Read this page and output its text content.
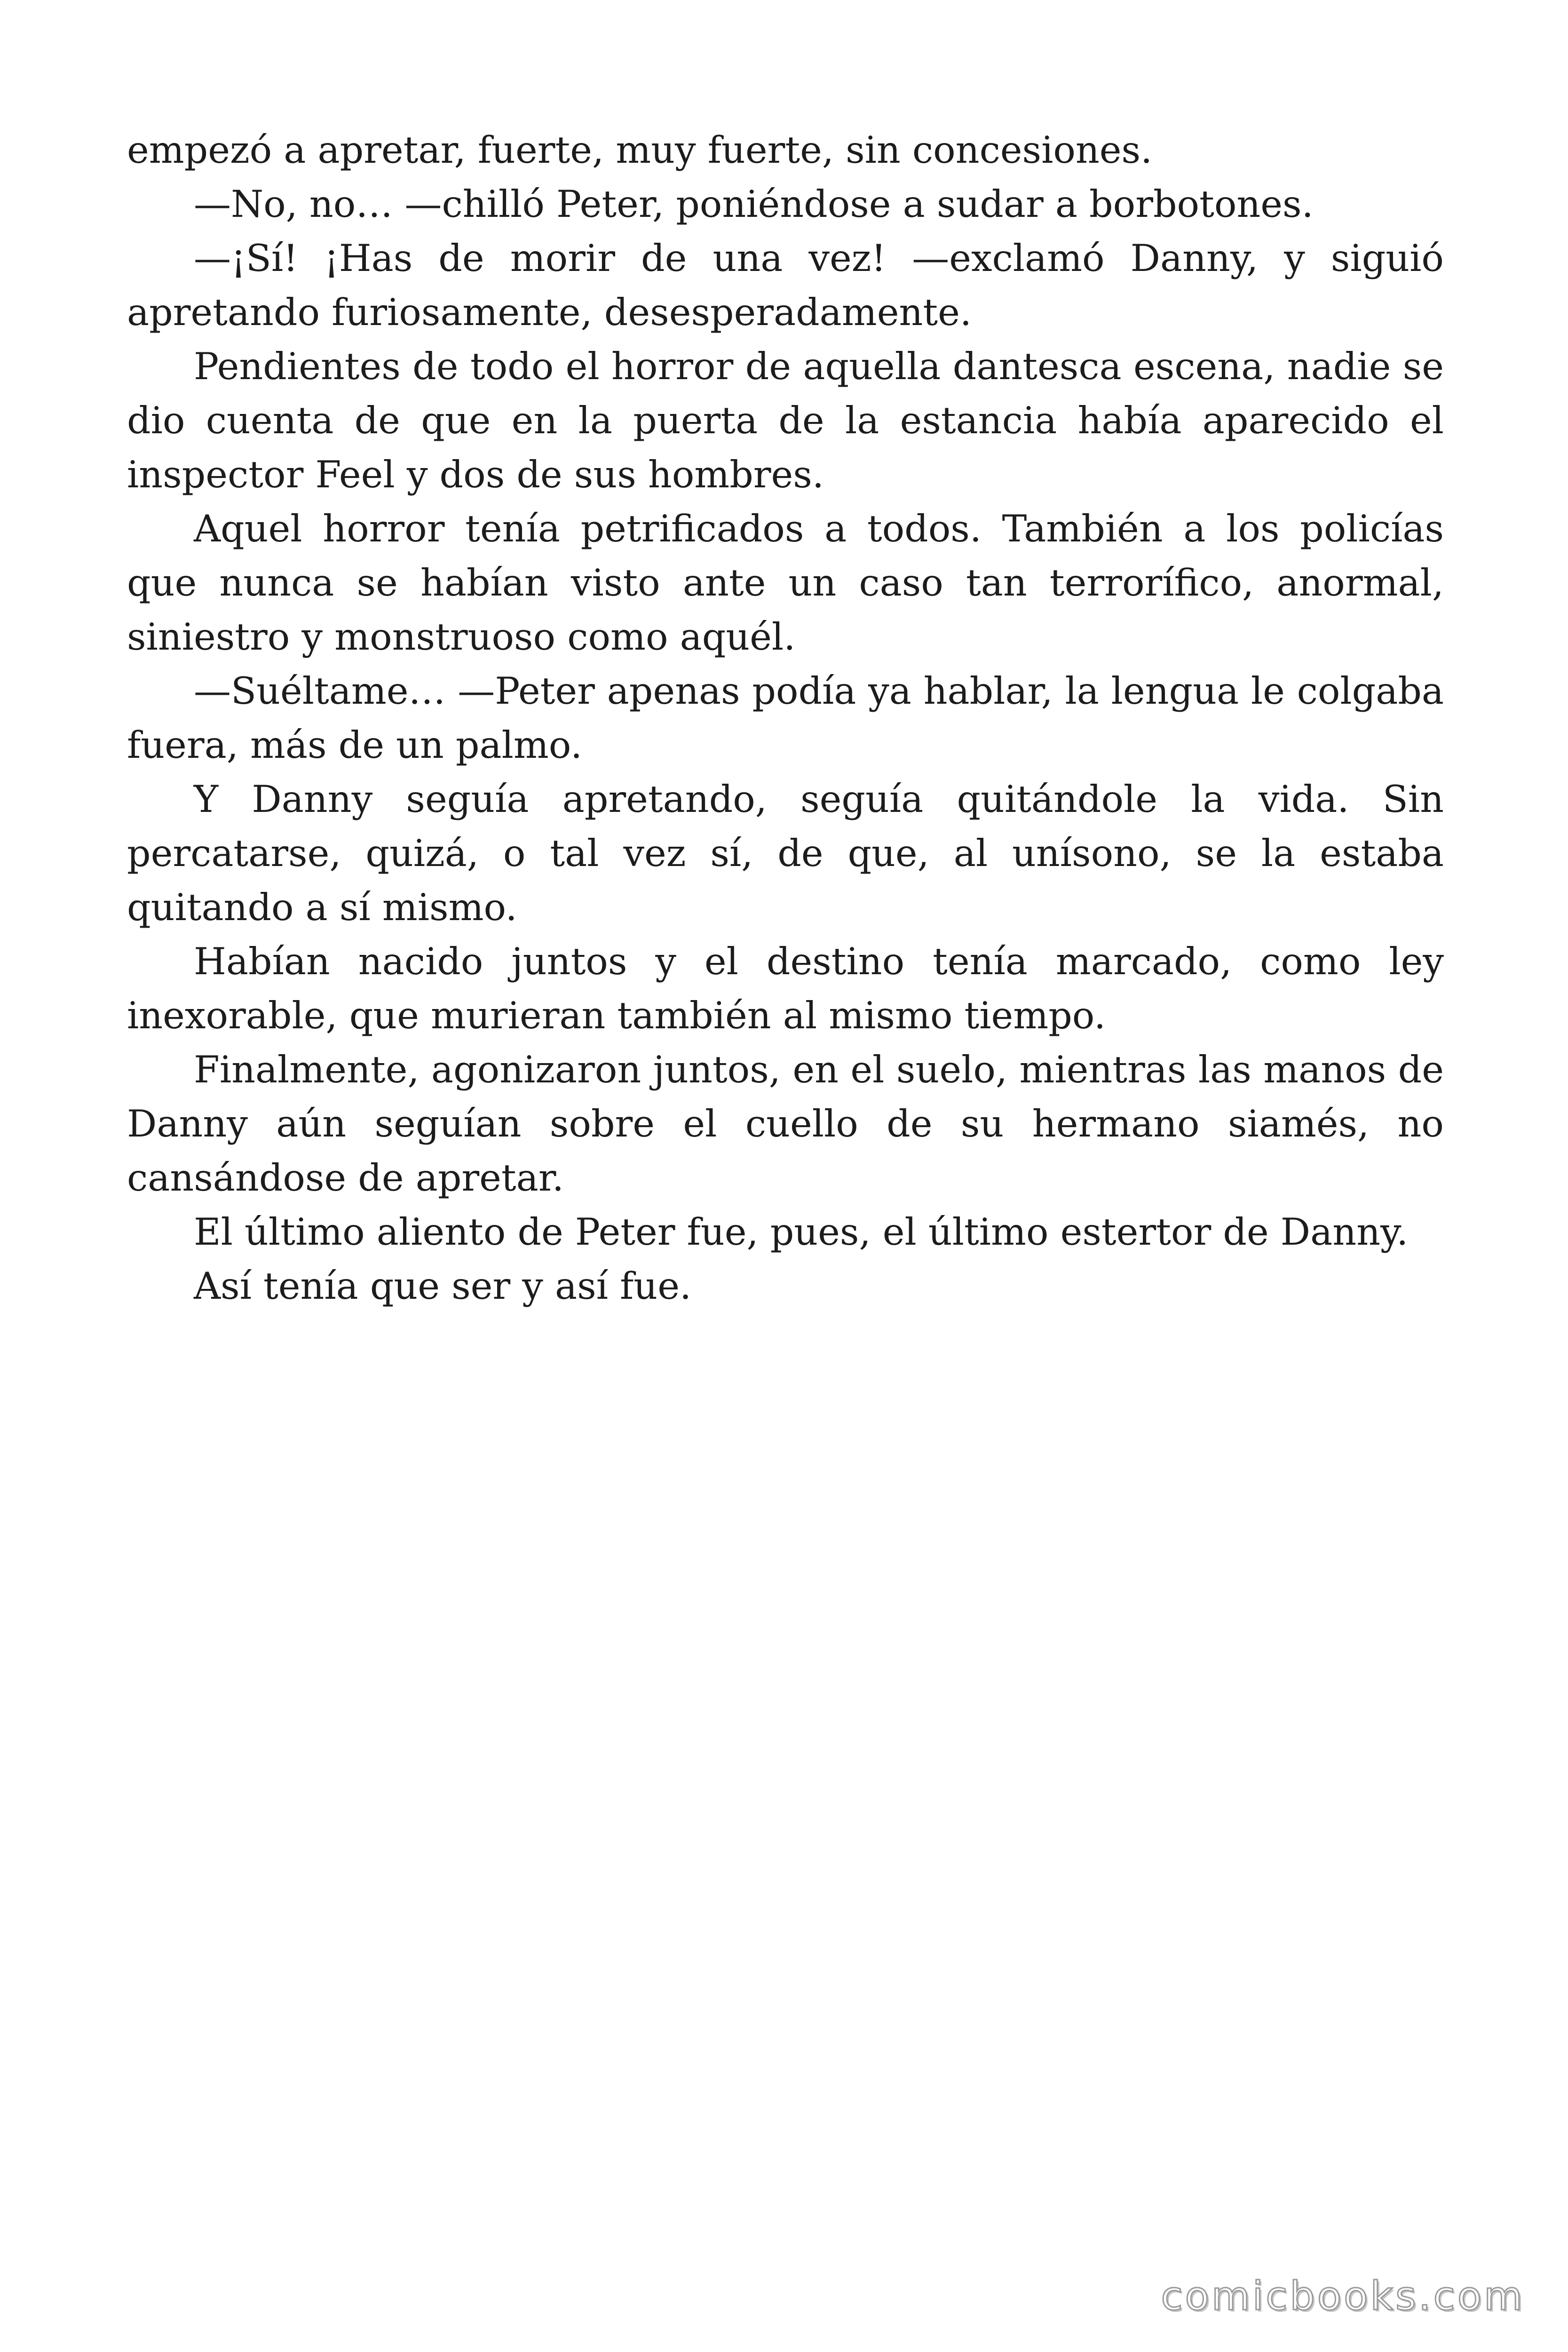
empezó a apretar, fuerte, muy fuerte, sin concesiones.

—No, no… —chilló Peter, poniéndose a sudar a borbotones.

—¡Sí! ¡Has de morir de una vez! —exclamó Danny, y siguió apretando furiosamente, desesperadamente.

Pendientes de todo el horror de aquella dantesca escena, nadie se dio cuenta de que en la puerta de la estancia había aparecido el inspector Feel y dos de sus hombres.

Aquel horror tenía petrificados a todos. También a los policías que nunca se habían visto ante un caso tan terrorífico, anormal, siniestro y monstruoso como aquél.

—Suéltame… —Peter apenas podía ya hablar, la lengua le colgaba fuera, más de un palmo.

Y Danny seguía apretando, seguía quitándole la vida. Sin percatarse, quizá, o tal vez sí, de que, al unísono, se la estaba quitando a sí mismo.

Habían nacido juntos y el destino tenía marcado, como ley inexorable, que murieran también al mismo tiempo.

Finalmente, agonizaron juntos, en el suelo, mientras las manos de Danny aún seguían sobre el cuello de su hermano siamés, no cansándose de apretar.

El último aliento de Peter fue, pues, el último estertor de Danny.

Así tenía que ser y así fue.

comicbooks.com
